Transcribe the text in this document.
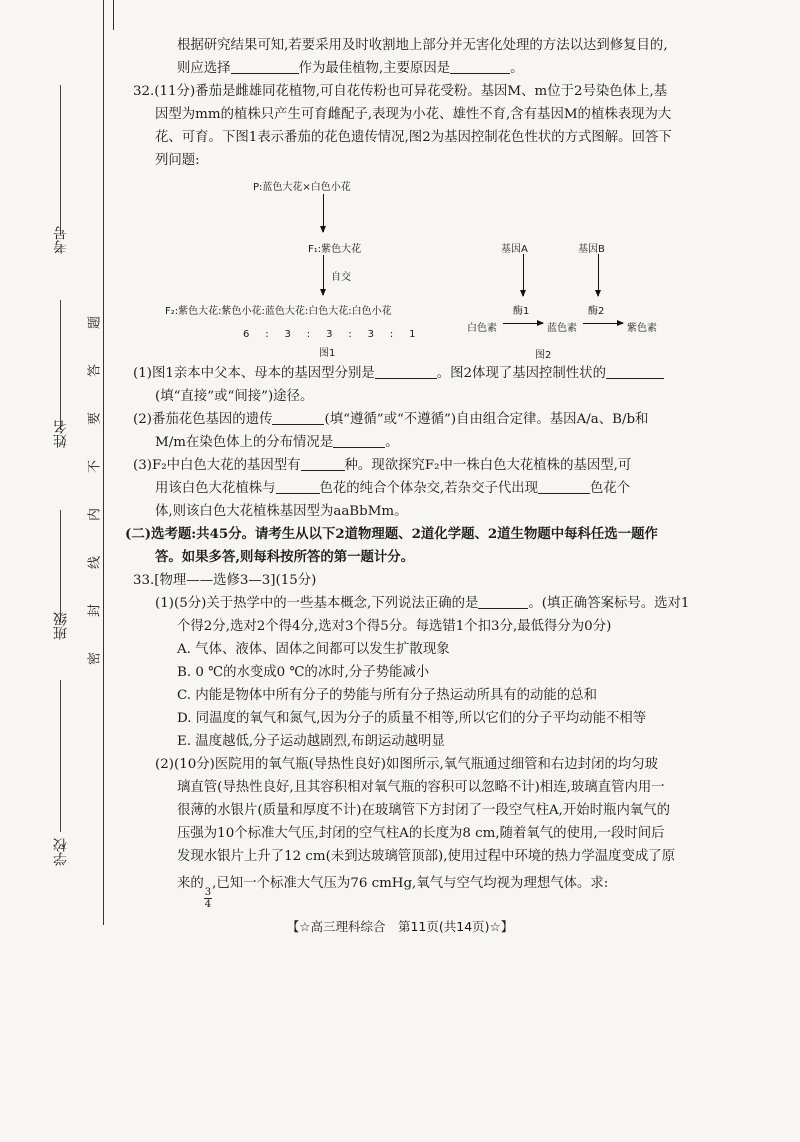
考号
姓名
班级
学校
题
答
要
不
内
线
封
密

根据研究结果可知,若要采用及时收割地上部分并无害化处理的方法以达到修复目的,

则应选择	作为最佳植物,主要原因是	。

32.(11分)番茄是雌雄同花植物,可自花传粉也可异花受粉。基因M、m位于2号染色体上,基

因型为mm的植株只产生可育雌配子,表现为小花、雄性不育,含有基因M的植株表现为大

花、可育。下图1表示番茄的花色遗传情况,图2为基因控制花色性状的方式图解。回答下

列问题:

P:蓝色大花×白色小花
F₁:紫色大花
自交
F₂:紫色大花:紫色小花:蓝色大花:白色大花:白色小花
6     :     3     :     3     :     3     :     1
基因A	基因B
酶1	酶2
白色素	蓝色素	紫色素
图1	图2

(1)图1亲本中父本、母本的基因型分别是	。图2体现了基因控制性状的

(填“直接”或“间接”)途径。

(2)番茄花色基因的遗传	(填“遵循”或“不遵循”)自由组合定律。基因A/a、B/b和

M/m在染色体上的分布情况是	。

(3)F₂中白色大花的基因型有	种。现欲探究F₂中一株白色大花植株的基因型,可

用该白色大花植株与	色花的纯合个体杂交,若杂交子代出现	色花个

体,则该白色大花植株基因型为aaBbMm。

(二)选考题:共45分。请考生从以下2道物理题、2道化学题、2道生物题中每科任选一题作

答。如果多答,则每科按所答的第一题计分。

33.[物理——选修3—3](15分)

(1)(5分)关于热学中的一些基本概念,下列说法正确的是	。(填正确答案标号。选对1

个得2分,选对2个得4分,选对3个得5分。每选错1个扣3分,最低得分为0分)

A. 气体、液体、固体之间都可以发生扩散现象

B. 0 ℃的水变成0 ℃的冰时,分子势能减小

C. 内能是物体中所有分子的势能与所有分子热运动所具有的动能的总和

D. 同温度的氧气和氮气,因为分子的质量不相等,所以它们的分子平均动能不相等

E. 温度越低,分子运动越剧烈,布朗运动越明显

(2)(10分)医院用的氧气瓶(导热性良好)如图所示,氧气瓶通过细管和右边封闭的均匀玻

璃直管(导热性良好,且其容积相对氧气瓶的容积可以忽略不计)相连,玻璃直管内用一

很薄的水银片(质量和厚度不计)在玻璃管下方封闭了一段空气柱A,开始时瓶内氧气的

压强为10个标准大气压,封闭的空气柱A的长度为8 cm,随着氧气的使用,一段时间后

发现水银片上升了12 cm(未到达玻璃管顶部),使用过程中环境的热力学温度变成了原

来的
$\frac{3}{4}$
,已知一个标准大气压为76 cmHg,氧气与空气均视为理想气体。求:

【☆高三理科综合　第11页(共14页)☆】
